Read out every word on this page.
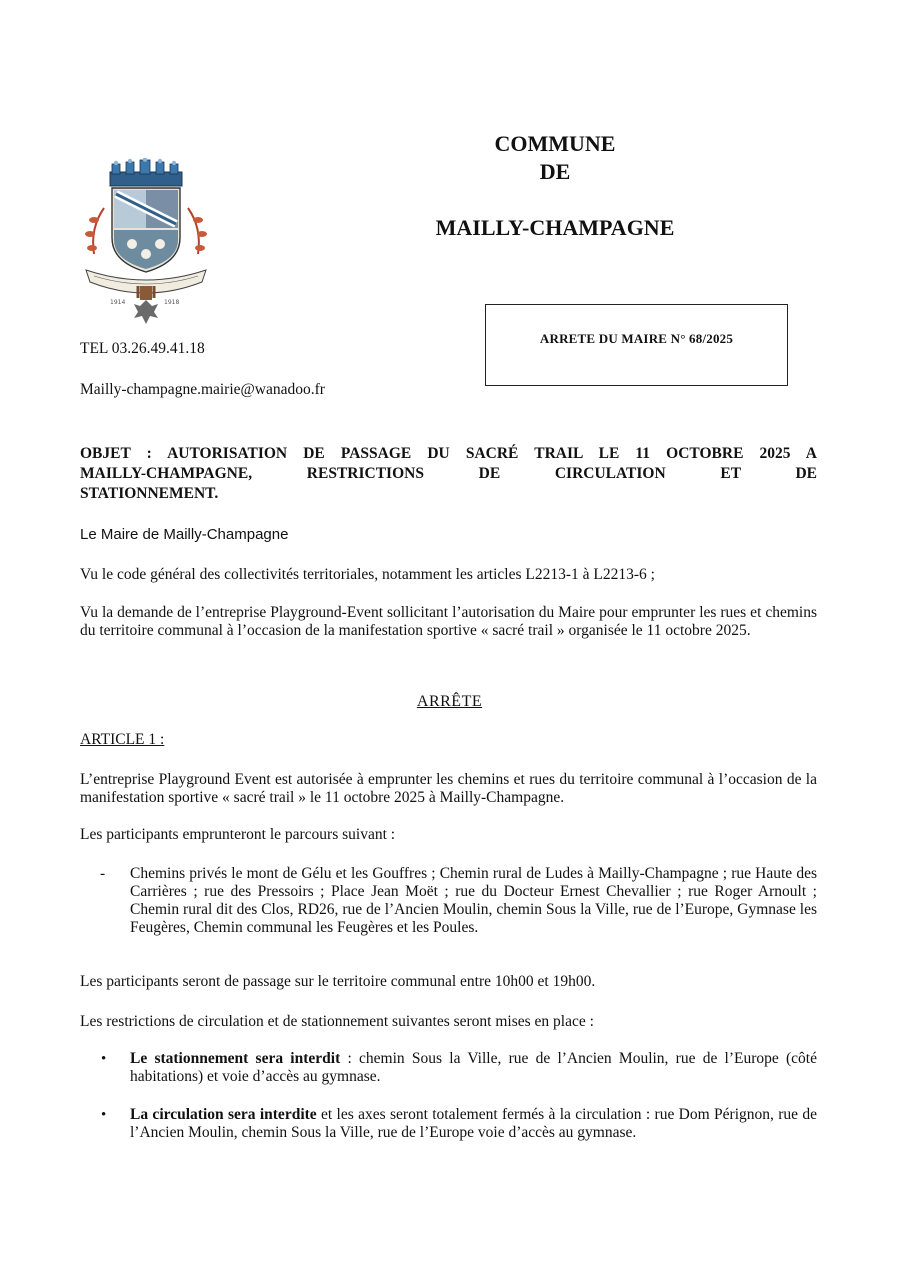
1914	1918
COMMUNE
DE
MAILLY-CHAMPAGNE
ARRETE DU MAIRE N° 68/2025
TEL 03.26.49.41.18
Mailly-champagne.mairie@wanadoo.fr
OBJET : AUTORISATION DE PASSAGE DU SACRÉ TRAIL LE 11 OCTOBRE 2025 A
MAILLY-CHAMPAGNE, RESTRICTIONS DE CIRCULATION ET DE
STATIONNEMENT.
Le Maire de Mailly-Champagne
Vu le code général des collectivités territoriales, notamment les articles L2213-1 à L2213-6 ;
Vu la demande de l’entreprise Playground-Event sollicitant l’autorisation du Maire pour emprunter les rues et chemins du territoire communal à l’occasion de la manifestation sportive « sacré trail » organisée le 11 octobre 2025.
ARRÊTE
ARTICLE 1 :
L’entreprise Playground Event est autorisée à emprunter les chemins et rues du territoire communal à l’occasion de la manifestation sportive « sacré trail » le 11 octobre 2025 à Mailly-Champagne.
Les participants emprunteront le parcours suivant :
- Chemins privés le mont de Gélu et les Gouffres ; Chemin rural de Ludes à Mailly-Champagne ; rue Haute des Carrières ; rue des Pressoirs ; Place Jean Moët ; rue du Docteur Ernest Chevallier ; rue Roger Arnoult ; Chemin rural dit des Clos, RD26, rue de l’Ancien Moulin, chemin Sous la Ville, rue de l’Europe, Gymnase les Feugères, Chemin communal les Feugères et les Poules.
Les participants seront de passage sur le territoire communal entre 10h00 et 19h00.
Les restrictions de circulation et de stationnement suivantes seront mises en place :
• Le stationnement sera interdit : chemin Sous la Ville, rue de l’Ancien Moulin, rue de l’Europe (côté habitations) et voie d’accès au gymnase.
• La circulation sera interdite et les axes seront totalement fermés à la circulation : rue Dom Pérignon, rue de l’Ancien Moulin, chemin Sous la Ville, rue de l’Europe voie d’accès au gymnase.
